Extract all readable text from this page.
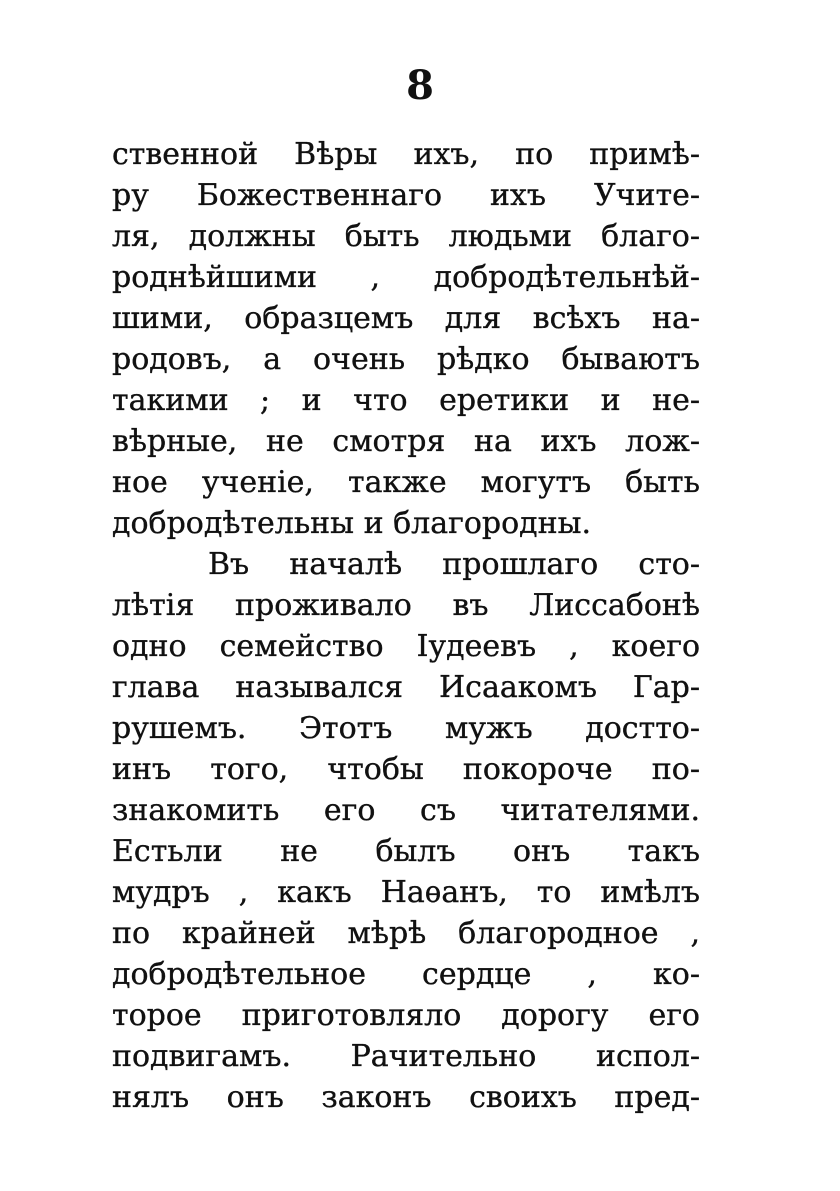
8
ственной Вѣры ихъ, по примѣ-
ру Божественнаго ихъ Учите-
ля, должны быть людьми благо-
роднѣйшими , добродѣтельнѣй-
шими, образцемъ для всѣхъ на-
родовъ, а очень рѣдко бываютъ
такими ; и что еретики и не-
вѣрные, не смотря на ихъ лож-
ное ученіе, также могутъ быть
добродѣтельны и благородны.
Въ началѣ прошлаго сто-
лѣтія проживало въ Лиссабонѣ
одно семейство Іудеевъ , коего
глава назывался Исаакомъ Гар-
рушемъ. Этотъ мужъ достто-
инъ того, чтобы покороче по-
знакомить его съ читателями.
Естьли не былъ онъ такъ
мудръ , какъ Наѳанъ, то имѣлъ
по крайней мѣрѣ благородное ,
добродѣтельное сердце , ко-
торое приготовляло дорогу его
подвигамъ. Рачительно испол-
нялъ онъ законъ своихъ пред-
